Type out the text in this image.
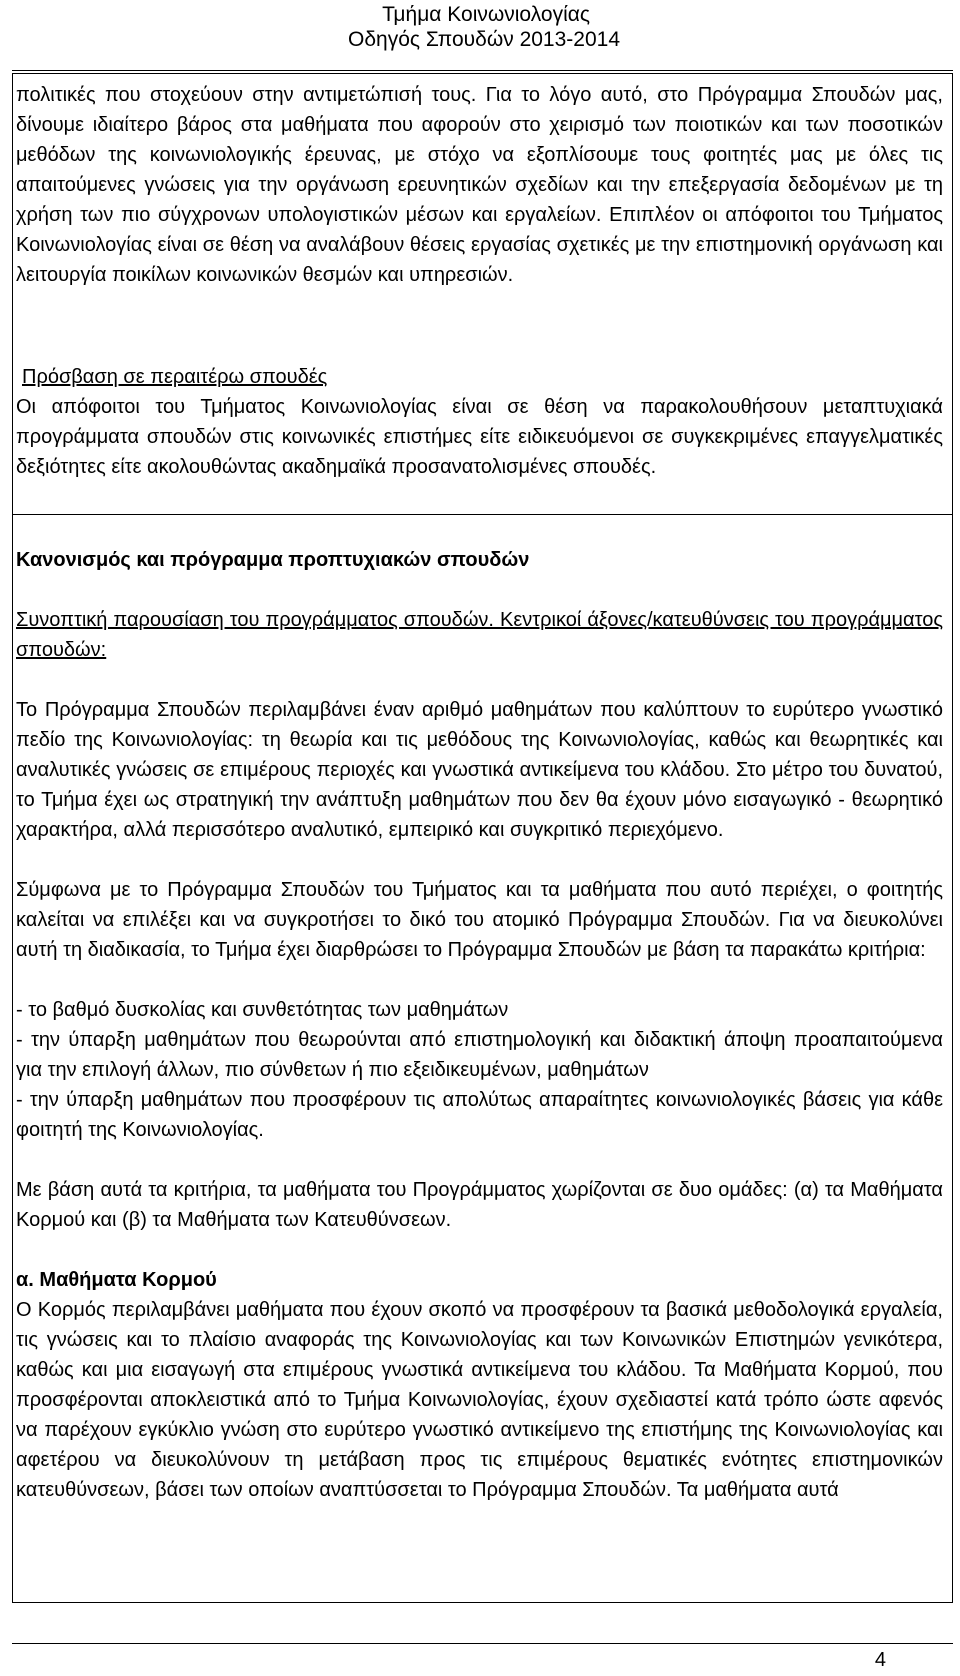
Τμήμα Κοινωνιολογίας
Οδηγός Σπουδών 2013-2014

πολιτικές που στοχεύουν στην αντιμετώπισή τους. Για το λόγο αυτό, στο Πρόγραμμα Σπουδών μας, δίνουμε ιδιαίτερο βάρος στα μαθήματα που αφορούν στο χειρισμό των ποιοτικών και των ποσοτικών μεθόδων της κοινωνιολογικής έρευνας, με στόχο να εξοπλίσουμε τους φοιτητές μας με όλες τις απαιτούμενες γνώσεις για την οργάνωση ερευνητικών σχεδίων και την επεξεργασία δεδομένων με τη χρήση των πιο σύγχρονων υπολογιστικών μέσων και εργαλείων. Επιπλέον οι απόφοιτοι του Τμήματος Κοινωνιολογίας είναι σε θέση να αναλάβουν θέσεις εργασίας σχετικές με την επιστημονική οργάνωση και λειτουργία ποικίλων κοινωνικών θεσμών και υπηρεσιών.

Πρόσβαση σε περαιτέρω σπουδές

Οι απόφοιτοι του Τμήματος Κοινωνιολογίας είναι σε θέση να παρακολουθήσουν μεταπτυχιακά προγράμματα σπουδών στις κοινωνικές επιστήμες είτε ειδικευόμενοι σε συγκεκριμένες επαγγελματικές δεξιότητες είτε ακολουθώντας ακαδημαϊκά προσανατολισμένες σπουδές.

Κανονισμός και πρόγραμμα προπτυχιακών σπουδών

Συνοπτική παρουσίαση του προγράμματος σπουδών. Κεντρικοί άξονες/κατευθύνσεις του προγράμματος σπουδών:

Το Πρόγραμμα Σπουδών περιλαμβάνει έναν αριθμό μαθημάτων που καλύπτουν το ευρύτερο γνωστικό πεδίο της Κοινωνιολογίας: τη θεωρία και τις μεθόδους της Κοινωνιολογίας, καθώς και θεωρητικές και αναλυτικές γνώσεις σε επιμέρους περιοχές και γνωστικά αντικείμενα του κλάδου. Στο μέτρο του δυνατού, το Τμήμα έχει ως στρατηγική την ανάπτυξη μαθημάτων που δεν θα έχουν μόνο εισαγωγικό - θεωρητικό χαρακτήρα, αλλά περισσότερο αναλυτικό, εμπειρικό και συγκριτικό περιεχόμενο.

Σύμφωνα με το Πρόγραμμα Σπουδών του Τμήματος και τα μαθήματα που αυτό περιέχει, ο φοιτητής καλείται να επιλέξει και να συγκροτήσει το δικό του ατομικό Πρόγραμμα Σπουδών. Για να διευκολύνει αυτή τη διαδικασία, το Τμήμα έχει διαρθρώσει το Πρόγραμμα Σπουδών με βάση τα παρακάτω κριτήρια:

- το βαθμό δυσκολίας και συνθετότητας των μαθημάτων

- την ύπαρξη μαθημάτων που θεωρούνται από επιστημολογική και διδακτική άποψη προαπαιτούμενα για την επιλογή άλλων, πιο σύνθετων ή πιο εξειδικευμένων, μαθημάτων

- την ύπαρξη μαθημάτων που προσφέρουν τις απολύτως απαραίτητες κοινωνιολογικές βάσεις για κάθε φοιτητή της Κοινωνιολογίας.

Με βάση αυτά τα κριτήρια, τα μαθήματα του Προγράμματος χωρίζονται σε δυο ομάδες: (α) τα Μαθήματα Κορμού και (β) τα Μαθήματα των Κατευθύνσεων.

α. Μαθήματα Κορμού

Ο Κορμός περιλαμβάνει μαθήματα που έχουν σκοπό να προσφέρουν τα βασικά μεθοδολογικά εργαλεία, τις γνώσεις και το πλαίσιο αναφοράς της Κοινωνιολογίας και των Κοινωνικών Επιστημών γενικότερα, καθώς και μια εισαγωγή στα επιμέρους γνωστικά αντικείμενα του κλάδου. Τα Μαθήματα Κορμού, που προσφέρονται αποκλειστικά από το Τμήμα Κοινωνιολογίας, έχουν σχεδιαστεί κατά τρόπο ώστε αφενός να παρέχουν εγκύκλιο γνώση στο ευρύτερο γνωστικό αντικείμενο της επιστήμης της Κοινωνιολογίας και αφετέρου να διευκολύνουν τη μετάβαση προς τις επιμέρους θεματικές ενότητες επιστημονικών κατευθύνσεων, βάσει των οποίων αναπτύσσεται το Πρόγραμμα Σπουδών. Τα μαθήματα αυτά

4
